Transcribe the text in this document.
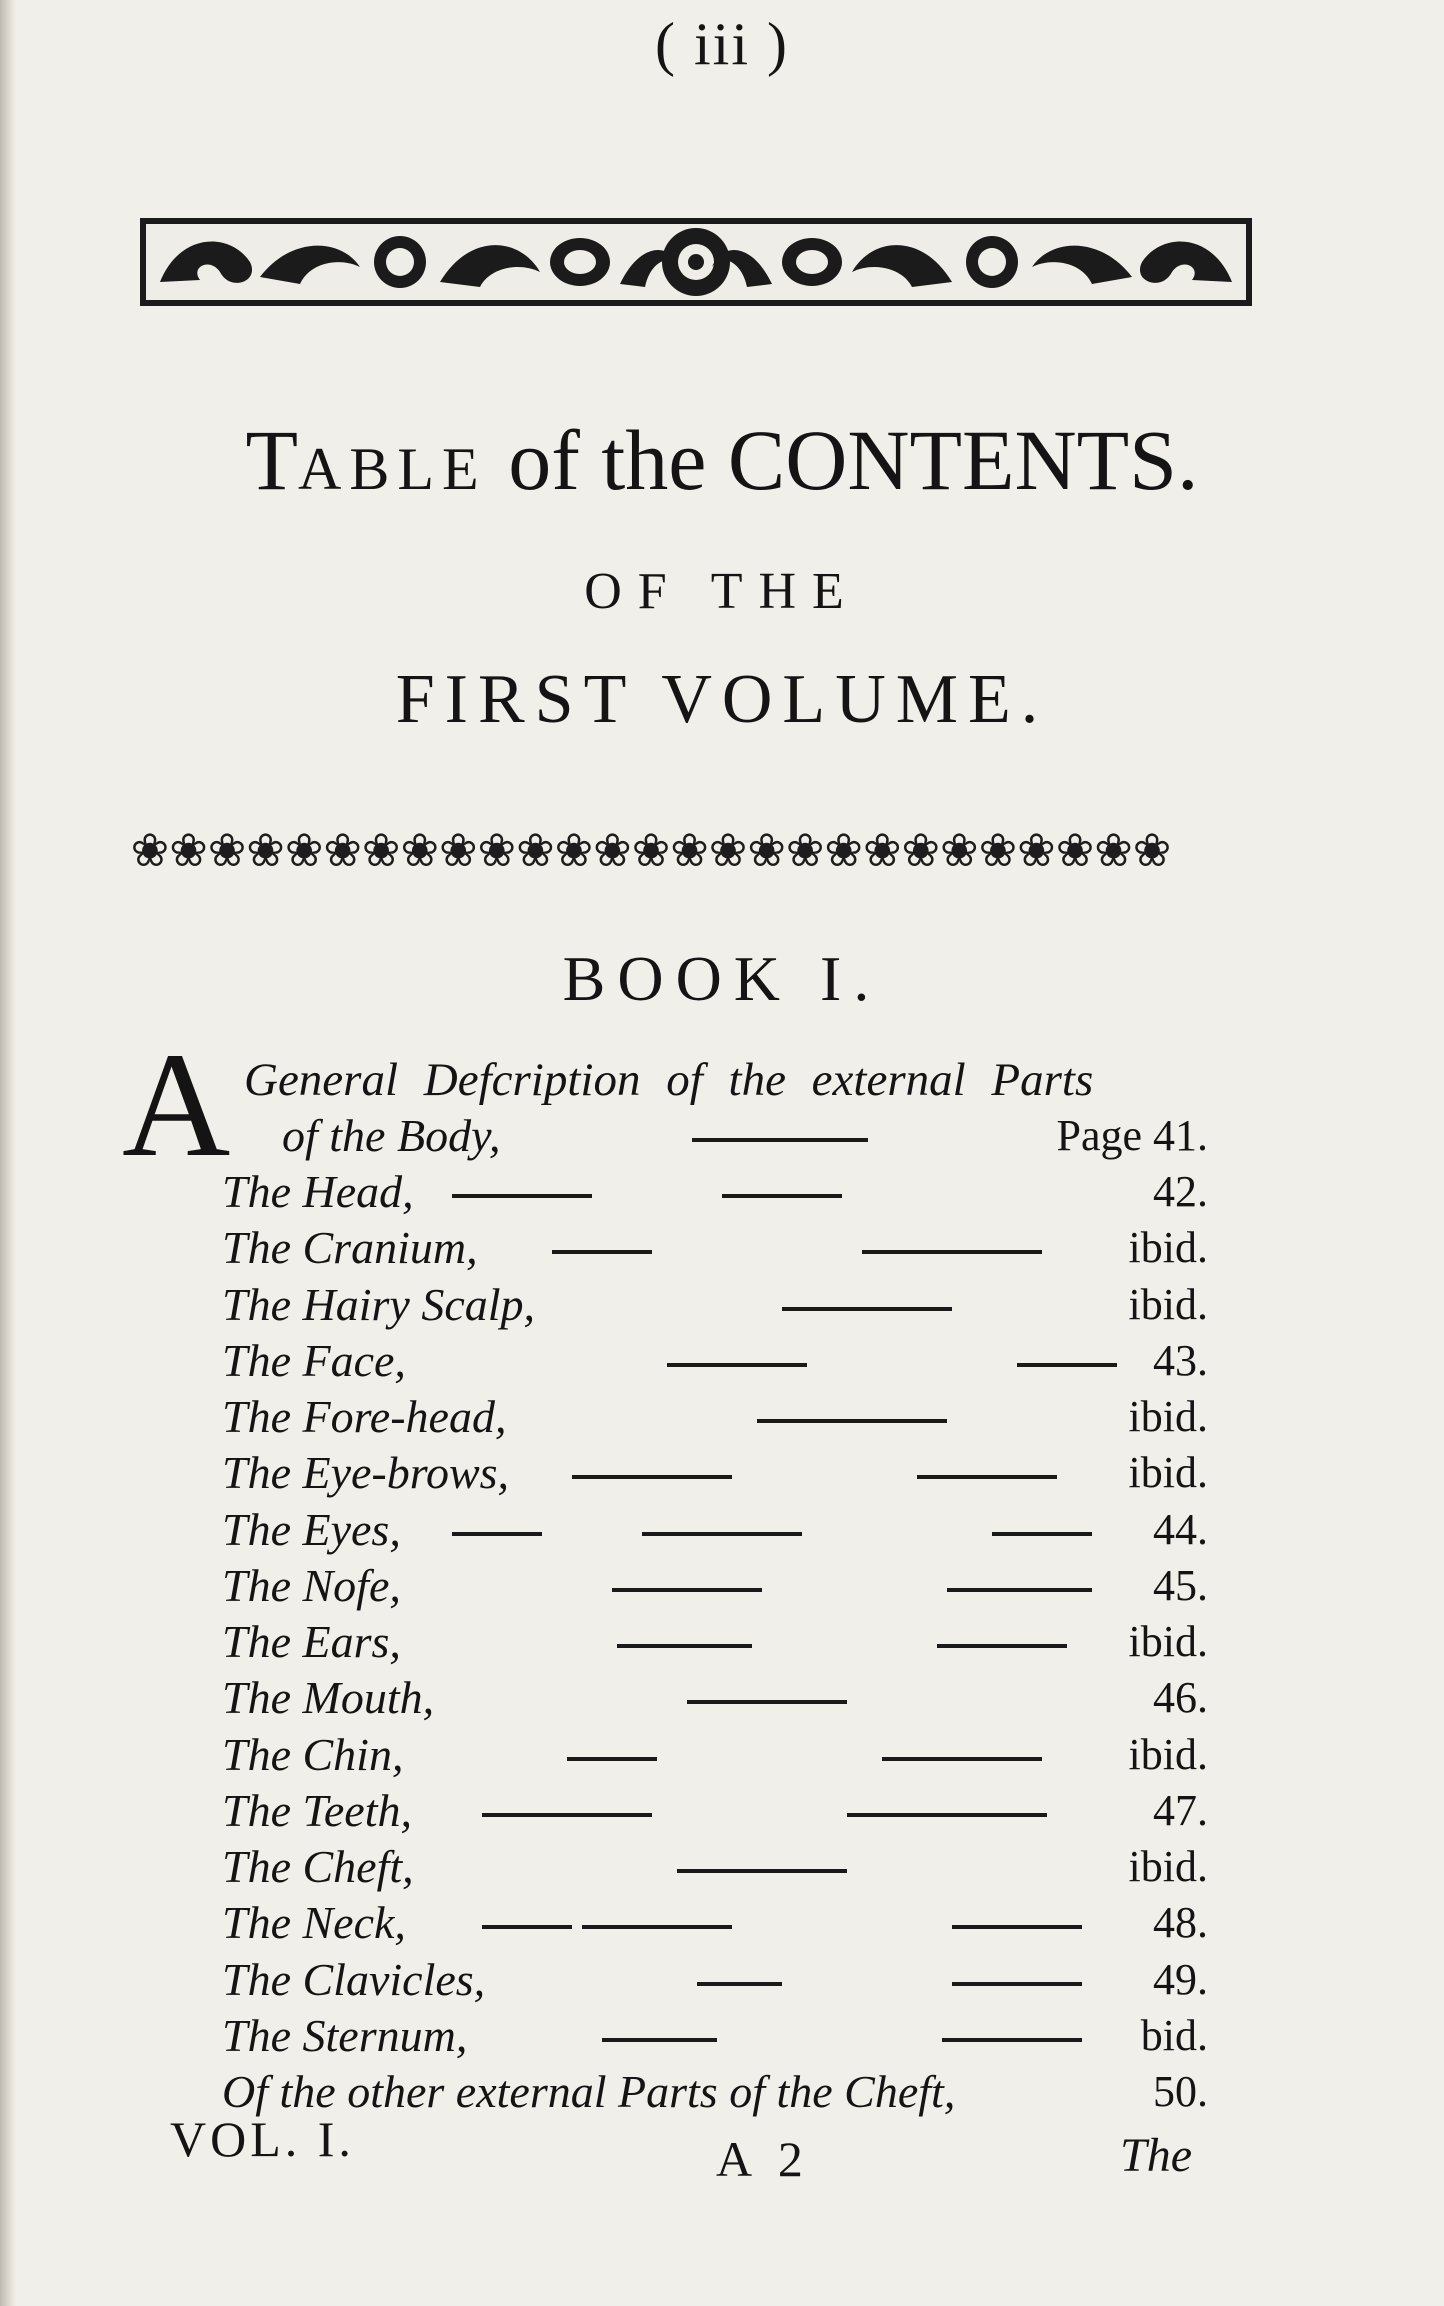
( iii )
TABLE of the CONTENTS.
OF THE
FIRST VOLUME.
❀❀❀❀❀❀❀❀❀❀❀❀❀❀❀❀❀❀❀❀❀❀❀❀❀❀❀
BOOK I.
A General Defcription of the external Parts
of the Body,	Page 41.
The Head,	42.
The Cranium,	ibid.
The Hairy Scalp,	ibid.
The Face,	43.
The Fore-head,	ibid.
The Eye-brows,	ibid.
The Eyes,	44.
The Nofe,	45.
The Ears,	ibid.
The Mouth,	46.
The Chin,	ibid.
The Teeth,	47.
The Cheft,	ibid.
The Neck,	48.
The Clavicles,	49.
The Sternum,	bid.
Of the other external Parts of the Cheft,	50.
VOL. I.	A 2	The
